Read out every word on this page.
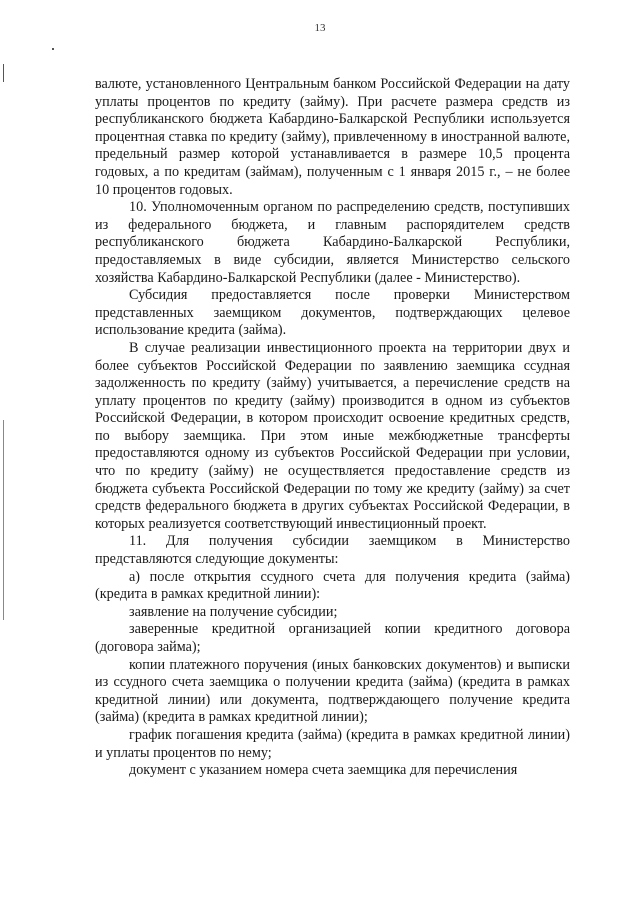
13

валюте, установленного Центральным банком Российской Федерации на дату уплаты процентов по кредиту (займу). При расчете размера средств из республиканского бюджета Кабардино-Балкарской Республики используется процентная ставка по кредиту (займу), привлеченному в иностранной валюте, предельный размер которой устанавливается в размере 10,5 процента годовых, а по кредитам (займам), полученным с 1 января 2015 г., – не более 10 процентов годовых.

10. Уполномоченным органом по распределению средств, поступивших из федерального бюджета, и главным распорядителем средств республиканского бюджета Кабардино-Балкарской Республики, предоставляемых в виде субсидии, является Министерство сельского хозяйства Кабардино-Балкарской Республики (далее - Министерство).

Субсидия предоставляется после проверки Министерством представленных заемщиком документов, подтверждающих целевое использование кредита (займа).

В случае реализации инвестиционного проекта на территории двух и более субъектов Российской Федерации по заявлению заемщика ссудная задолженность по кредиту (займу) учитывается, а перечисление средств на уплату процентов по кредиту (займу) производится в одном из субъектов Российской Федерации, в котором происходит освоение кредитных средств, по выбору заемщика. При этом иные межбюджетные трансферты предоставляются одному из субъектов Российской Федерации при условии, что по кредиту (займу) не осуществляется предоставление средств из бюджета субъекта Российской Федерации по тому же кредиту (займу) за счет средств федерального бюджета в других субъектах Российской Федерации, в которых реализуется соответствующий инвестиционный проект.

11. Для получения субсидии заемщиком в Министерство представляются следующие документы:

а) после открытия ссудного счета для получения кредита (займа) (кредита в рамках кредитной линии):

заявление на получение субсидии;

заверенные кредитной организацией копии кредитного договора (договора займа);

копии платежного поручения (иных банковских документов) и выписки из ссудного счета заемщика о получении кредита (займа) (кредита в рамках кредитной линии) или документа, подтверждающего получение кредита (займа) (кредита в рамках кредитной линии);

график погашения кредита (займа) (кредита в рамках кредитной линии) и уплаты процентов по нему;

документ с указанием номера счета заемщика для перечисления
